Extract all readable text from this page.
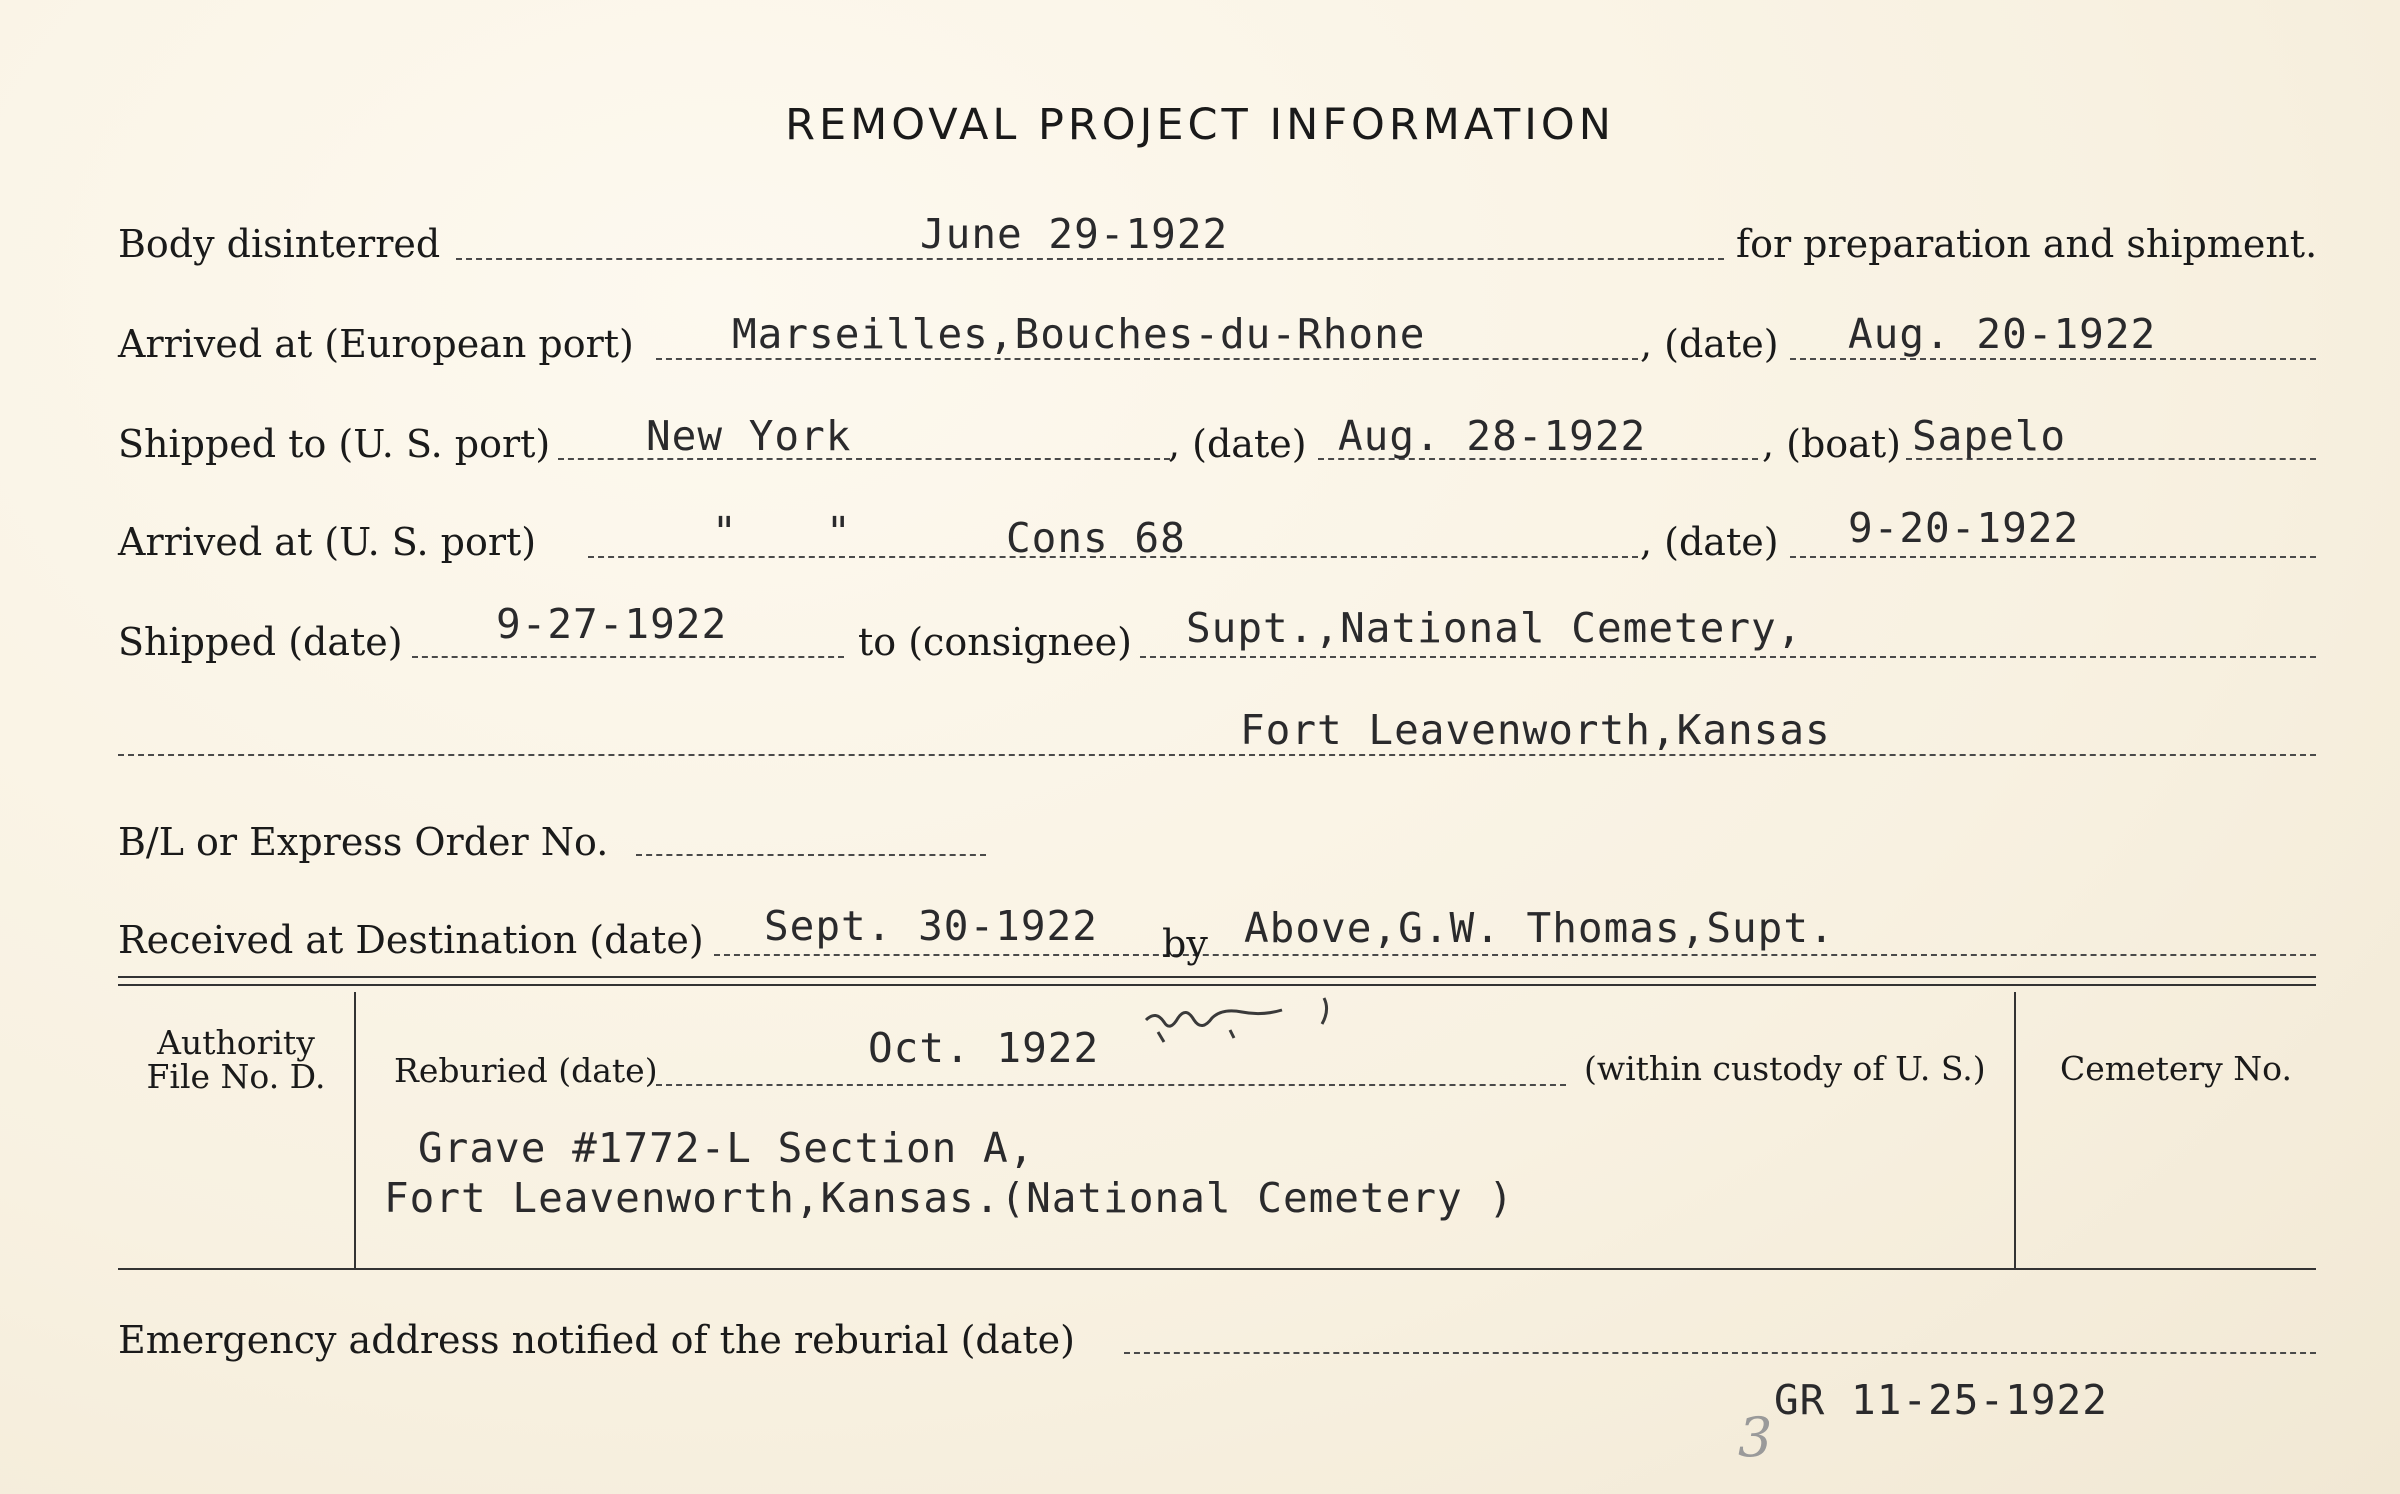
REMOVAL PROJECT INFORMATION
Body disinterred	June 29-1922	for preparation and shipment.
Arrived at (European port) Marseilles,Bouches-du-Rhone	, (date) Aug. 20-1922
Shipped to (U. S. port) New York	, (date) Aug. 28-1922	, (boat) Sapelo
Arrived at (U. S. port)	" "	Cons 68	, (date) 9-20-1922
Shipped (date) 9-27-1922	to (consignee) Supt.,National Cemetery,
Fort Leavenworth,Kansas
B/L or Express Order No.
Received at Destination (date) Sept. 30-1922 by Above,G.W. Thomas,Supt.
Authority
File No. D.	Reburied (date)	Oct. 1922	(within custody of U. S.) Cemetery No.
Grave #1772-L Section A,
Fort Leavenworth,Kansas.(National Cemetery )
Emergency address notified of the reburial (date)
GR 11-25-1922
3
